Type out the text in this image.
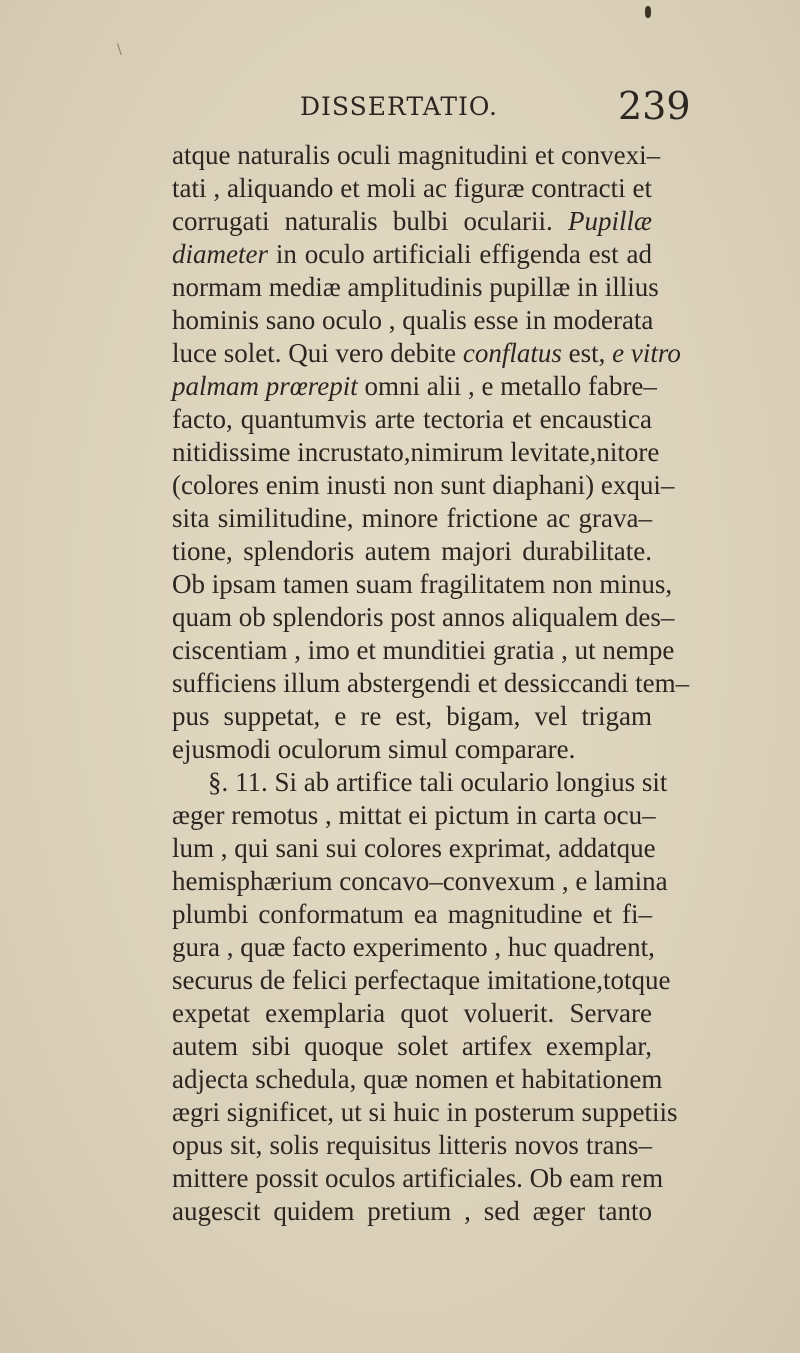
\
DISSERTATIO.	239
atque naturalis oculi magnitudini et convexi–
tati , aliquando et moli ac figuræ contracti et
corrugati naturalis bulbi ocularii. Pupillæ
diameter in oculo artificiali effigenda est ad
normam mediæ amplitudinis pupillæ in illius
hominis sano oculo , qualis esse in moderata
luce solet. Qui vero debite conflatus est, e vitro
palmam prœrepit omni alii , e metallo fabre–
facto, quantumvis arte tectoria et encaustica
nitidissime incrustato,nimirum levitate,nitore
(colores enim inusti non sunt diaphani) exqui–
sita similitudine, minore frictione ac grava–
tione, splendoris autem majori durabilitate.
Ob ipsam tamen suam fragilitatem non minus,
quam ob splendoris post annos aliqualem des–
ciscentiam , imo et munditiei gratia , ut nempe
sufficiens illum abstergendi et dessiccandi tem–
pus suppetat, e re est, bigam, vel trigam
ejusmodi oculorum simul comparare.
§. 11. Si ab artifice tali oculario longius sit
æger remotus , mittat ei pictum in carta ocu–
lum , qui sani sui colores exprimat, addatque
hemisphærium concavo–convexum , e lamina
plumbi conformatum ea magnitudine et fi–
gura , quæ facto experimento , huc quadrent,
securus de felici perfectaque imitatione,totque
expetat exemplaria quot voluerit. Servare
autem sibi quoque solet artifex exemplar,
adjecta schedula, quæ nomen et habitationem
ægri significet, ut si huic in posterum suppetiis
opus sit, solis requisitus litteris novos trans–
mittere possit oculos artificiales. Ob eam rem
augescit quidem pretium , sed æger tanto
